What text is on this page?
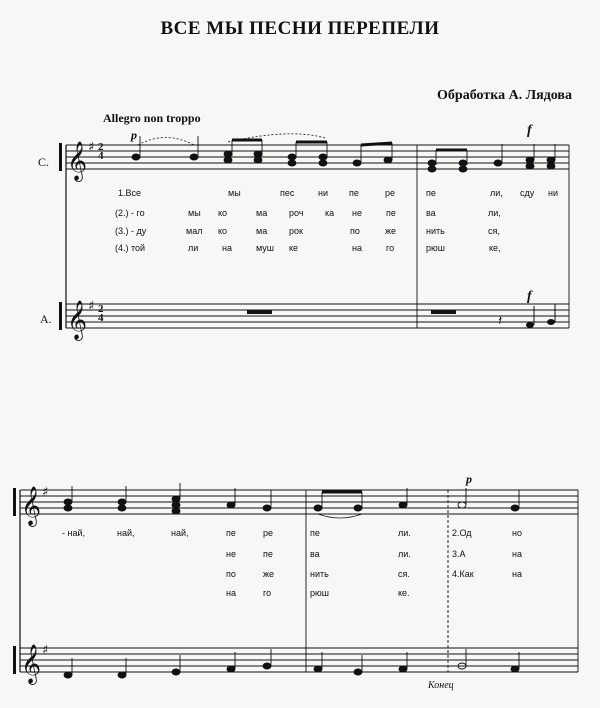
ВСЕ МЫ ПЕСНИ ПЕРЕПЕЛИ
Обработка А. Лядова
Allegro non troppo
С.
А.
p	f
f
p
2
4
2
4
1.Все	мы	пес	ни пе	ре	пе	ли, сду ни
(2.) - го	мы ко	ма роч ка не	пе	ва	ли,
(3.) - ду	мал ко	ма рок	по	же	нить	ся,
(4.) той	ли	на	муш ке	на	го	рюш	ке,
- най,	най,	най,	пе	ре	пе	ли.	2.Од	но
не	пе	ва	ли.	3.А	на
по	же	нить	ся.	4.Как	на
на	го	рюш	ке.
Конец
𝄞
𝄞
𝄞
𝄞
♯
♯
♯
♯
𝄽
